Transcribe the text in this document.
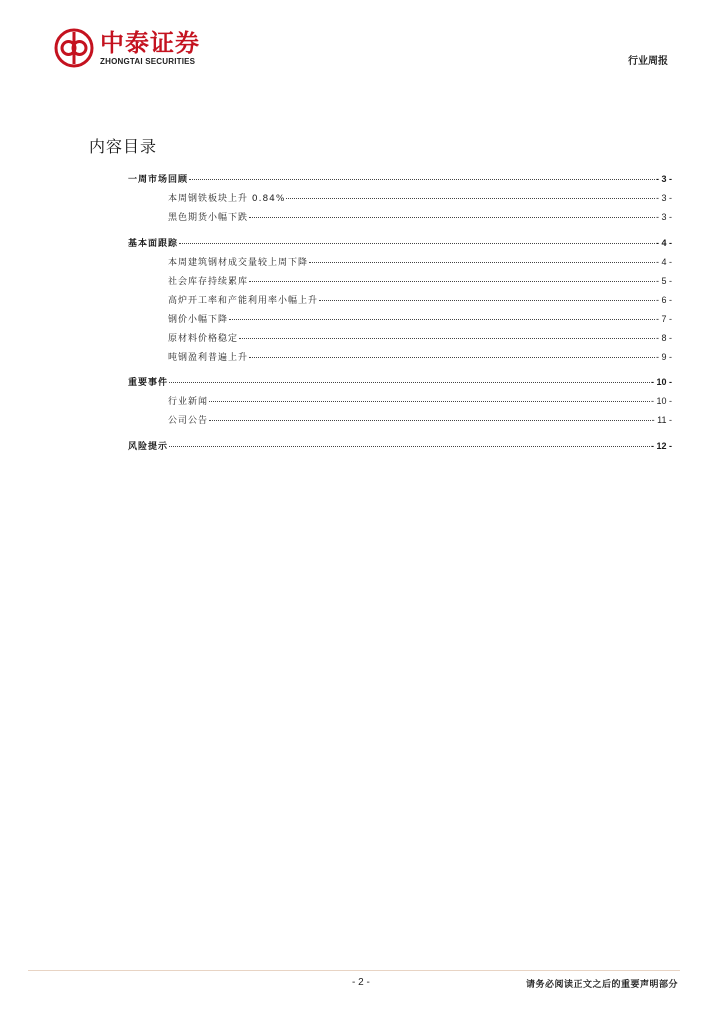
中泰证券
ZHONGTAI SECURITIES	行业周报
内容目录
一周市场回顾	- 3 -
本周钢铁板块上升 0.84%	- 3 -
黑色期货小幅下跌	- 3 -
基本面跟踪	- 4 -
本周建筑钢材成交量较上周下降	- 4 -
社会库存持续累库	- 5 -
高炉开工率和产能利用率小幅上升	- 6 -
钢价小幅下降	- 7 -
原材料价格稳定	- 8 -
吨钢盈利普遍上升	- 9 -
重要事件	- 10 -
行业新闻	- 10 -
公司公告	- 11 -
风险提示	- 12 -
- 2 -	请务必阅读正文之后的重要声明部分
